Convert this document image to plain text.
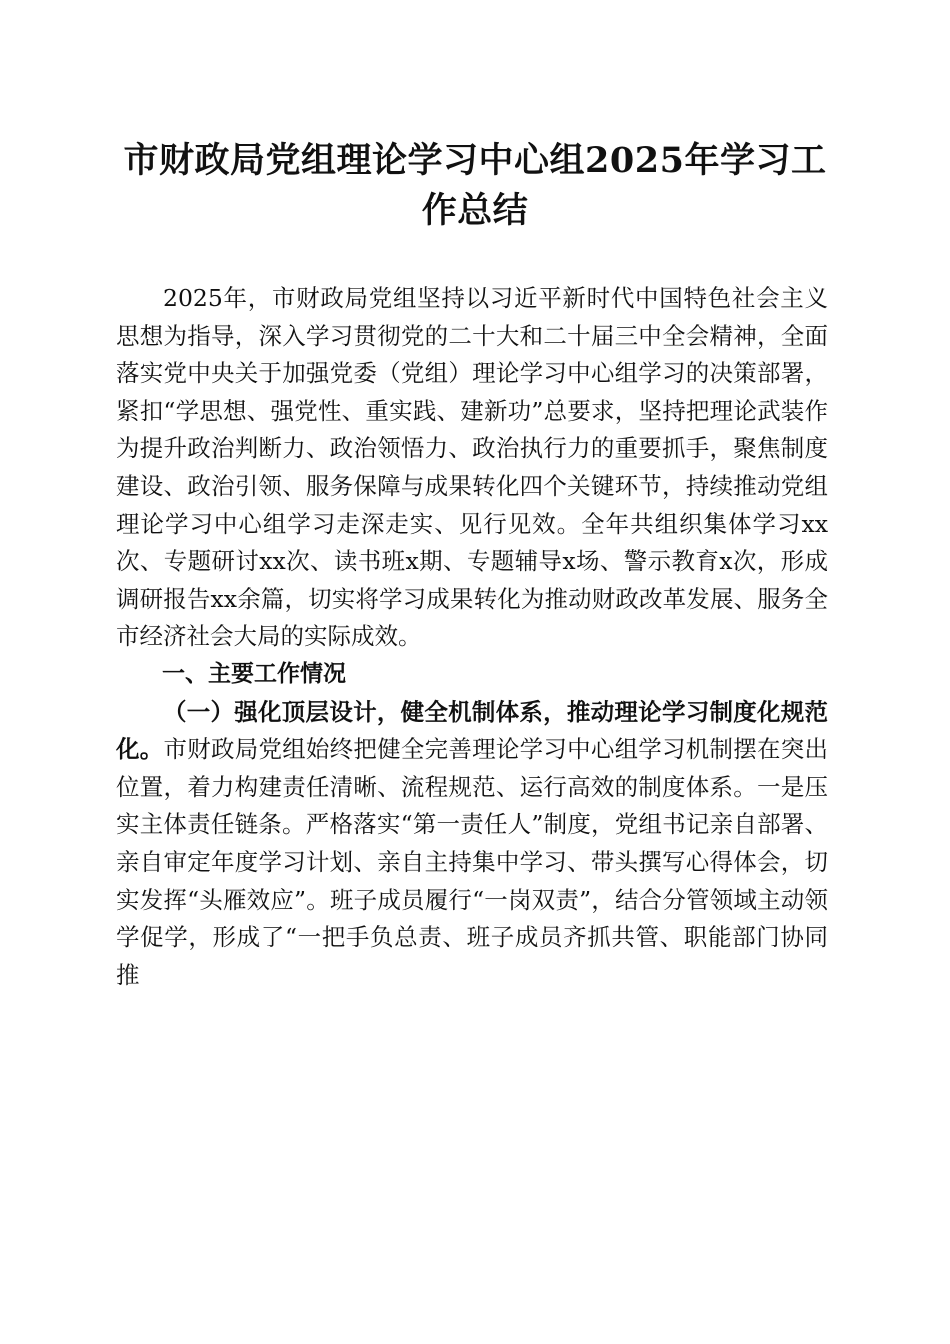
市财政局党组理论学习中心组2025年学习工作总结

2025年，市财政局党组坚持以习近平新时代中国特色社会主义思想为指导，深入学习贯彻党的二十大和二十届三中全会精神，全面落实党中央关于加强党委（党组）理论学习中心组学习的决策部署，紧扣“学思想、强党性、重实践、建新功”总要求，坚持把理论武装作为提升政治判断力、政治领悟力、政治执行力的重要抓手，聚焦制度建设、政治引领、服务保障与成果转化四个关键环节，持续推动党组理论学习中心组学习走深走实、见行见效。全年共组织集体学习xx次、专题研讨xx次、读书班x期、专题辅导x场、警示教育x次，形成调研报告xx余篇，切实将学习成果转化为推动财政改革发展、服务全市经济社会大局的实际成效。

一、主要工作情况

（一）强化顶层设计，健全机制体系，推动理论学习制度化规范化。市财政局党组始终把健全完善理论学习中心组学习机制摆在突出位置，着力构建责任清晰、流程规范、运行高效的制度体系。一是压实主体责任链条。严格落实“第一责任人”制度，党组书记亲自部署、亲自审定年度学习计划、亲自主持集中学习、带头撰写心得体会，切实发挥“头雁效应”。班子成员履行“一岗双责”，结合分管领域主动领学促学，形成了“一把手负总责、班子成员齐抓共管、职能部门协同推
